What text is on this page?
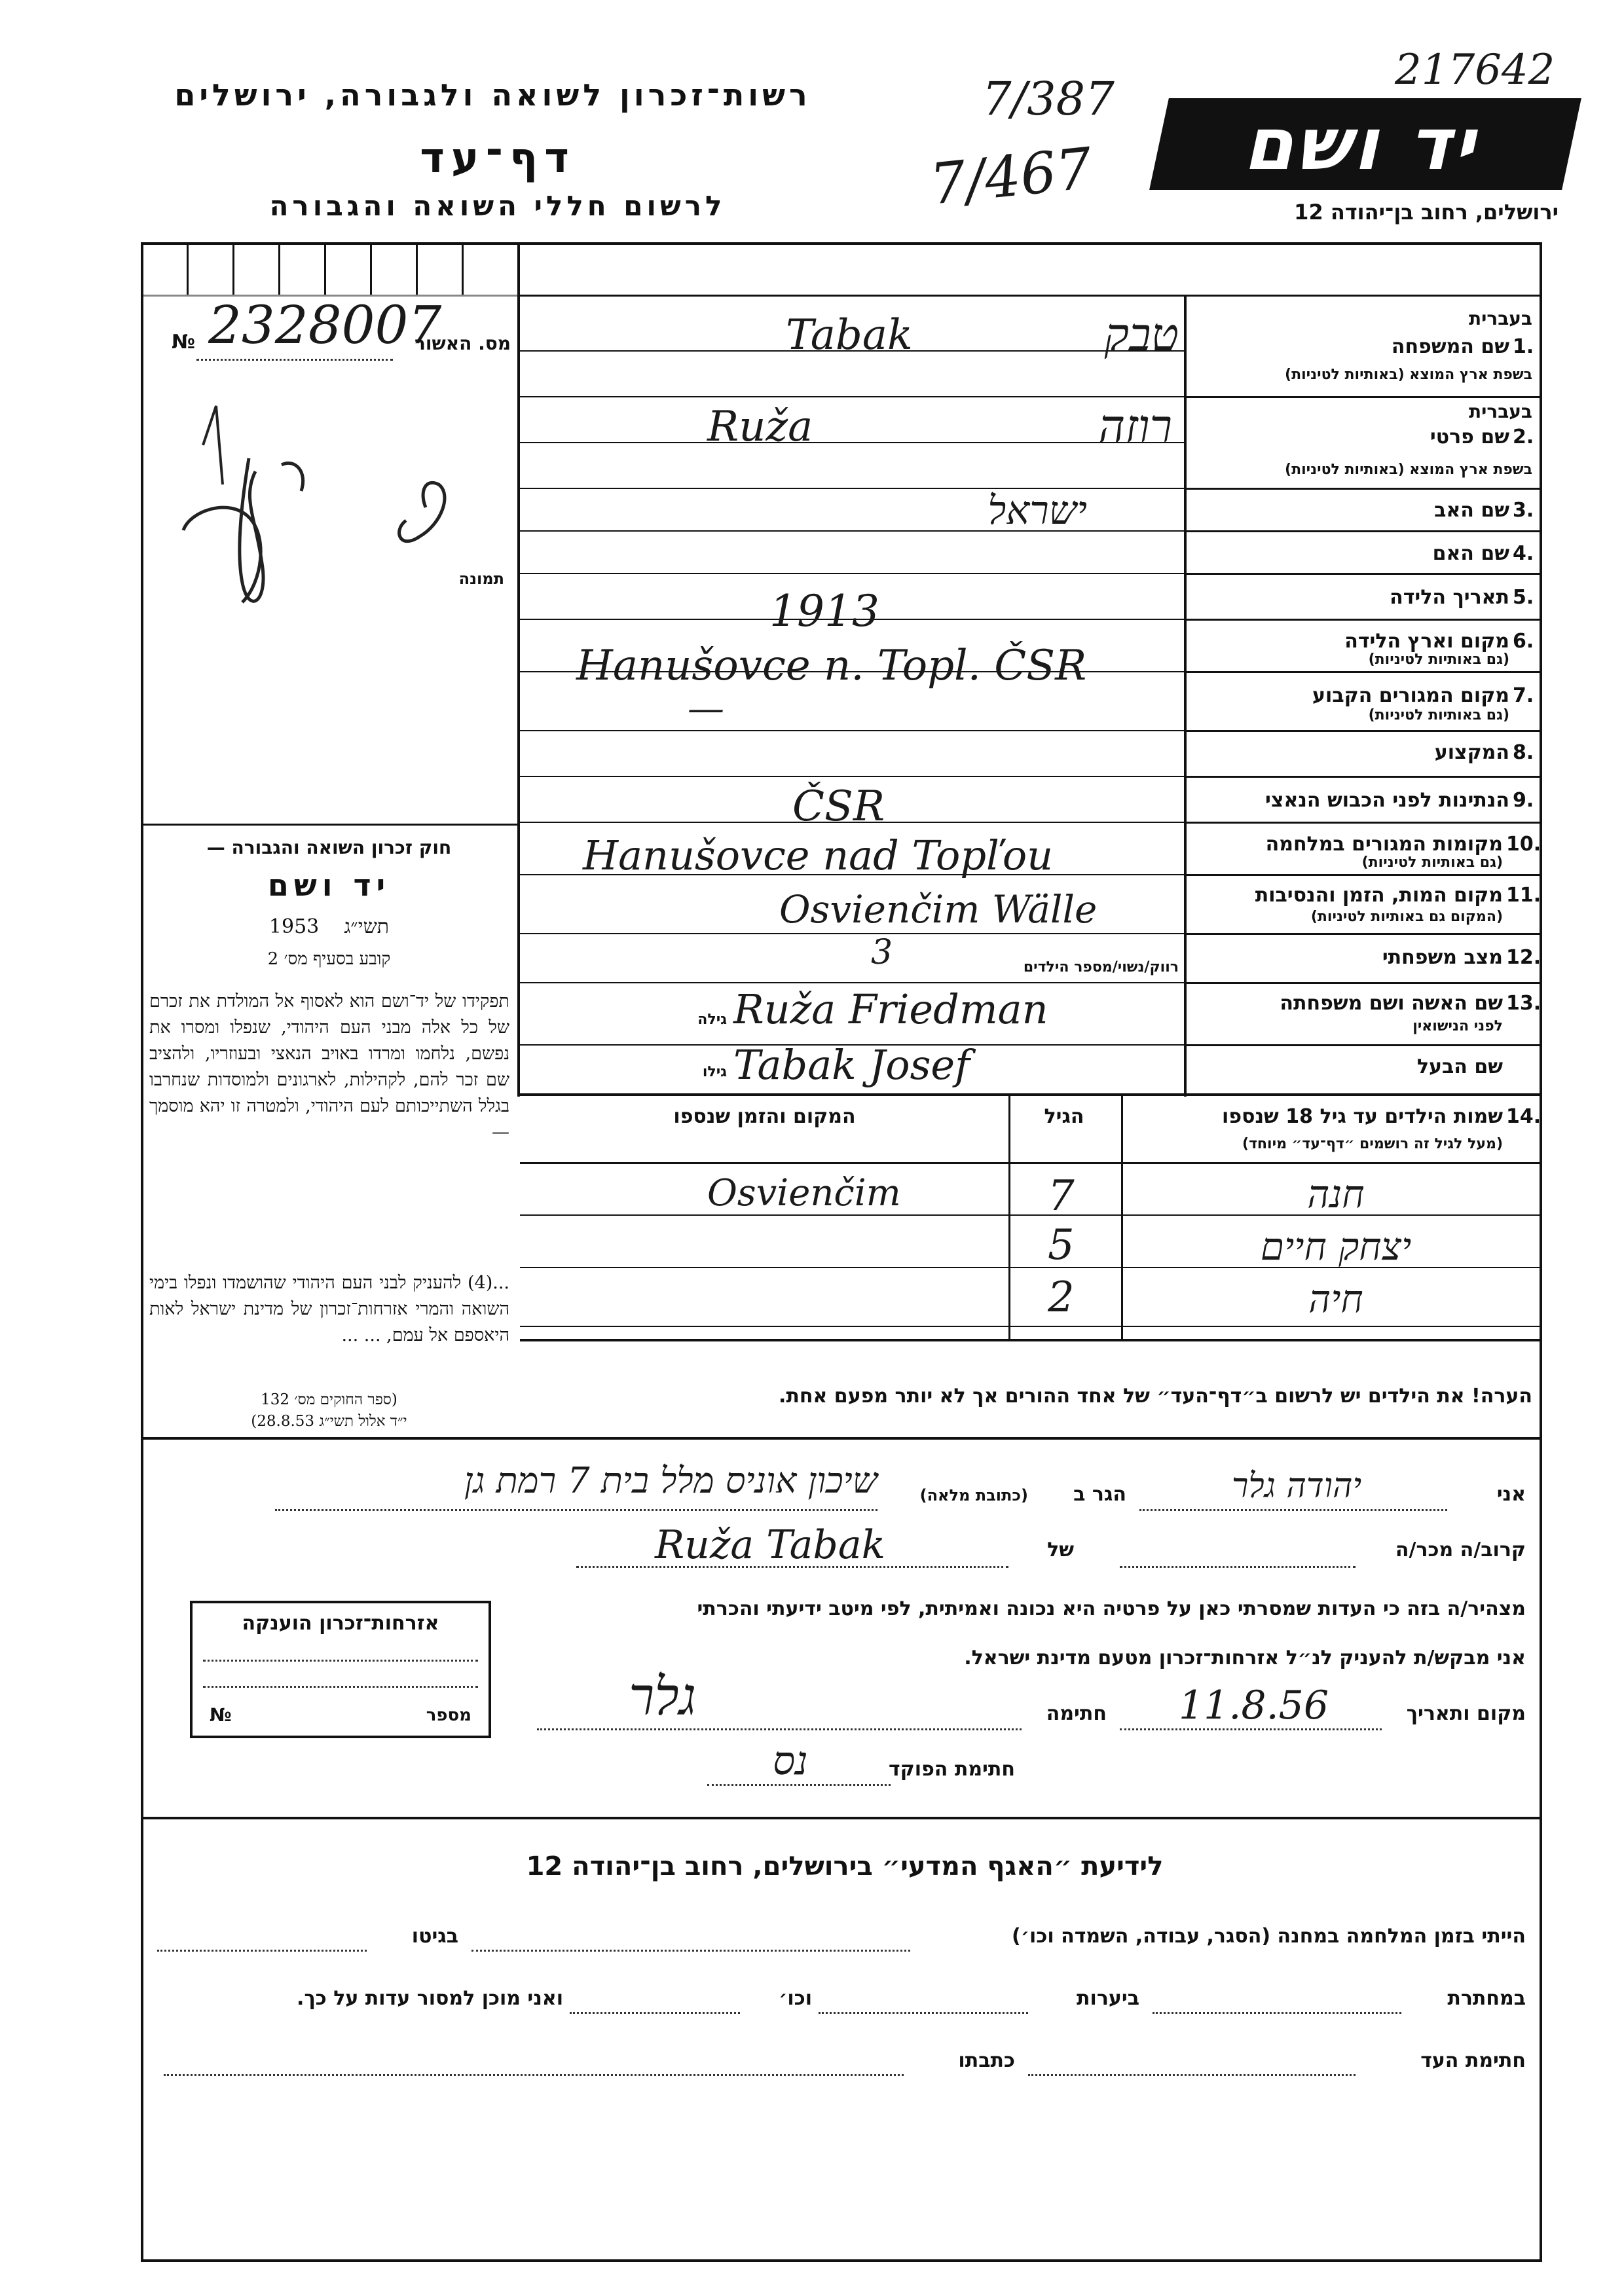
רשות־זכרון לשואה ולגבורה, ירושלים
דף־עד
לרשום חללי השואה והגבורה
7/387
7/467
217642
יד ושם
ירושלים, רחוב בן־יהודה 12
№ 2328007
מס. האשור
תמונה
חוק זכרון השואה והגבורה —
יד ושם
1953 תשי״ג
קובע בסעיף מס׳ 2
תפקידו של יד־ושם הוא לאסוף אל המולדת את זכרם של כל אלה מבני העם היהודי, שנפלו ומסרו את נפשם, נלחמו ומרדו באויב הנאצי ובעוזריו, ולהציב שם זכר להם, לקהילות, לארגונים ולמוסדות שנחרבו בגלל השתייכותם לעם היהודי, ולמטרה זו יהא מוסמך —
...(4) להעניק לבני העם היהודי שהושמדו ונפלו בימי השואה והמרי אזרחות־זכרון של מדינת ישראל לאות היאספם אל עמם, ... ...
(ספר החוקים מס׳ 132
י״ד אלול תשי״ג 28.8.53)
1.
שם המשפחה
בעברית
בשפת ארץ המוצא (באותיות לטיניות)
Tabak	טבק
2.
שם פרטי
בעברית
בשפת ארץ המוצא (באותיות לטיניות)
Ruža	רוזה
3.
שם האב
ישראל
4.
שם האם
5.
תאריך הלידה
1913
6.
מקום וארץ הלידה
(גם באותיות לטיניות)
Hanušovce n. Topl. ČSR
7.
מקום המגורים הקבוע
(גם באותיות לטיניות)
—
8.
המקצוע
9.
הנתינות לפני הכבוש הנאצי
ČSR
10.
מקומות המגורים במלחמה
(גם באותיות לטיניות)
Hanušovce nad Topľou
11.
מקום המות, הזמן והנסיבות
(המקום גם באותיות לטיניות)
Osvienčim Wälle
12.
מצב משפחתי
רווק/נשוי/מספר הילדים
3
13.
שם האשה ושם משפחתה
לפני הנישואין
גילה Ruža Friedman
שם הבעל
גילו Tabak Josef
14.
שמות הילדים עד גיל 18 שנספו
(מעל לגיל זה רושמים ״דף־עד״ מיוחד)
הגיל
המקום והזמן שנספו
חנה
7
Osvienčim
יצחק חיים
5
חיה
2
הערה! את הילדים יש לרשום ב״דף־העד״ של אחד ההורים אך לא יותר מפעם אחת.
אני
יהודה גלר
הגר ב
(כתובת מלאה)
שיכון אוניס מלל בית 7 רמת גן
קרוב/ה מכר/ה
של
Ruža Tabak
מצהיר/ה בזה כי העדות שמסרתי כאן על פרטיה היא נכונה ואמיתית, לפי מיטב ידיעתי והכרתי
אני מבקש/ת להעניק לנ״ל אזרחות־זכרון מטעם מדינת ישראל.
מקום ותאריך
11.8.56
חתימה
גלר
חתימת הפוקד
נס
אזרחות־זכרון הוענקה
מספר
№
לידיעת ״האגף המדעי״ בירושלים, רחוב בן־יהודה 12
הייתי בזמן המלחמה במחנה (הסגר, עבודה, השמדה וכו׳)
בגיטו
במחתרת
ביערות
וכו׳
ואני מוכן למסור עדות על כך.
חתימת העד
כתבתו
